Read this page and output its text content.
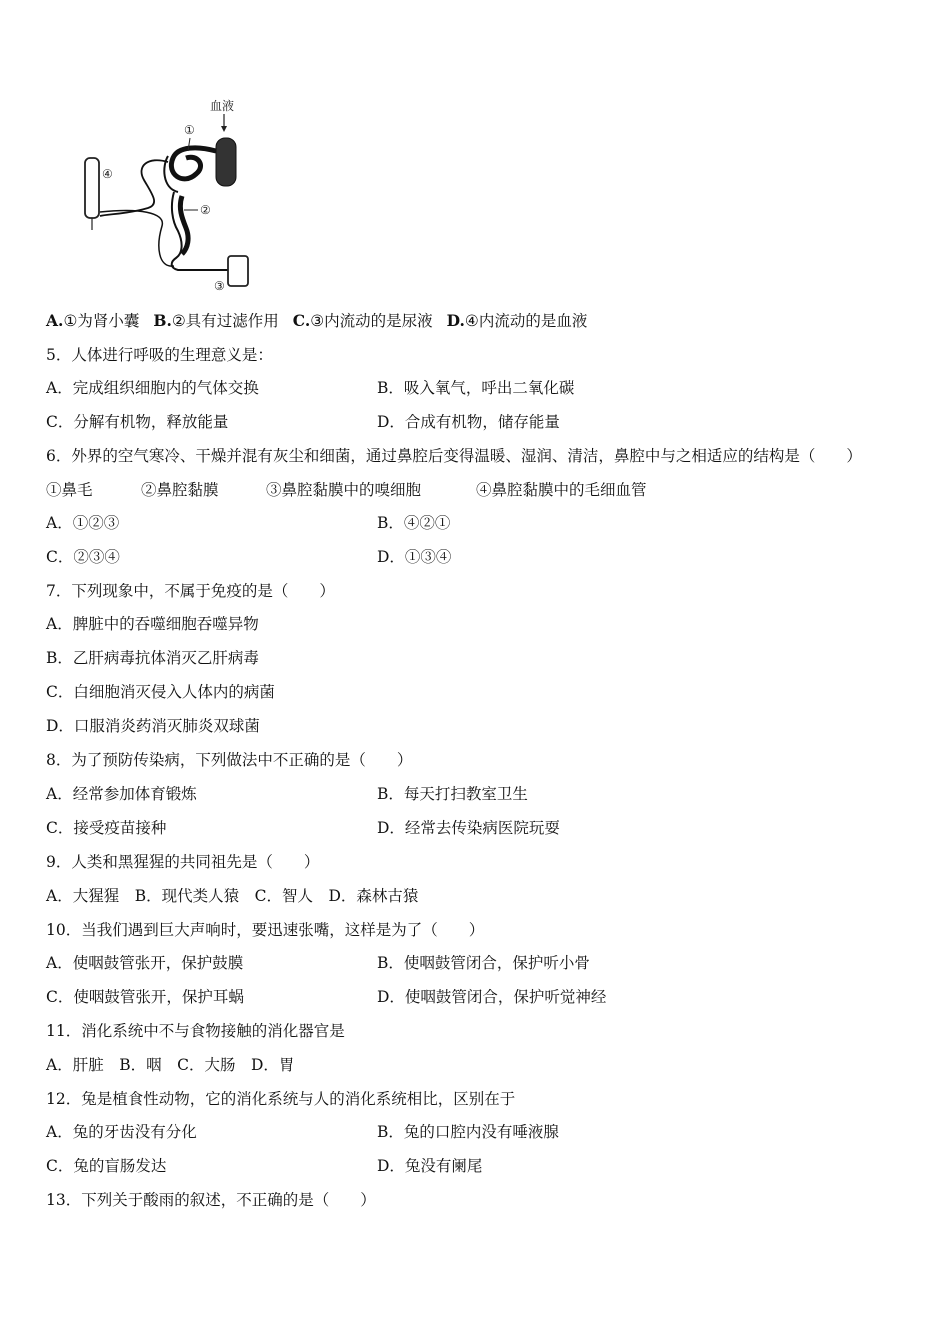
血液
④
①
②
③
A.①为肾小囊 B.②具有过滤作用 C.③内流动的是尿液 D.④内流动的是血液
5．人体进行呼吸的生理意义是：
A．完成组织细胞内的气体交换	B．吸入氧气，呼出二氧化碳
C．分解有机物，释放能量	D．合成有机物，储存能量
6．外界的空气寒冷、干燥并混有灰尘和细菌，通过鼻腔后变得温暖、湿润、清洁，鼻腔中与之相适应的结构是（　　）
①鼻毛	②鼻腔黏膜	③鼻腔黏膜中的嗅细胞	④鼻腔黏膜中的毛细血管
A．①②③	B．④②①
C．②③④	D．①③④
7．下列现象中，不属于免疫的是（　　）
A．脾脏中的吞噬细胞吞噬异物
B．乙肝病毒抗体消灭乙肝病毒
C．白细胞消灭侵入人体内的病菌
D．口服消炎药消灭肺炎双球菌
8．为了预防传染病，下列做法中不正确的是（　　）
A．经常参加体育锻炼	B．每天打扫教室卫生
C．接受疫苗接种	D．经常去传染病医院玩耍
9．人类和黑猩猩的共同祖先是（　　）
A．大猩猩　B．现代类人猿　C．智人　D．森林古猿
10．当我们遇到巨大声响时，要迅速张嘴，这样是为了（　　）
A．使咽鼓管张开，保护鼓膜	B．使咽鼓管闭合，保护听小骨
C．使咽鼓管张开，保护耳蜗	D．使咽鼓管闭合，保护听觉神经
11．消化系统中不与食物接触的消化器官是
A．肝脏　B．咽　C．大肠　D．胃
12．兔是植食性动物，它的消化系统与人的消化系统相比，区别在于
A．兔的牙齿没有分化	B．兔的口腔内没有唾液腺
C．兔的盲肠发达	D．兔没有阑尾
13．下列关于酸雨的叙述，不正确的是（　　）
